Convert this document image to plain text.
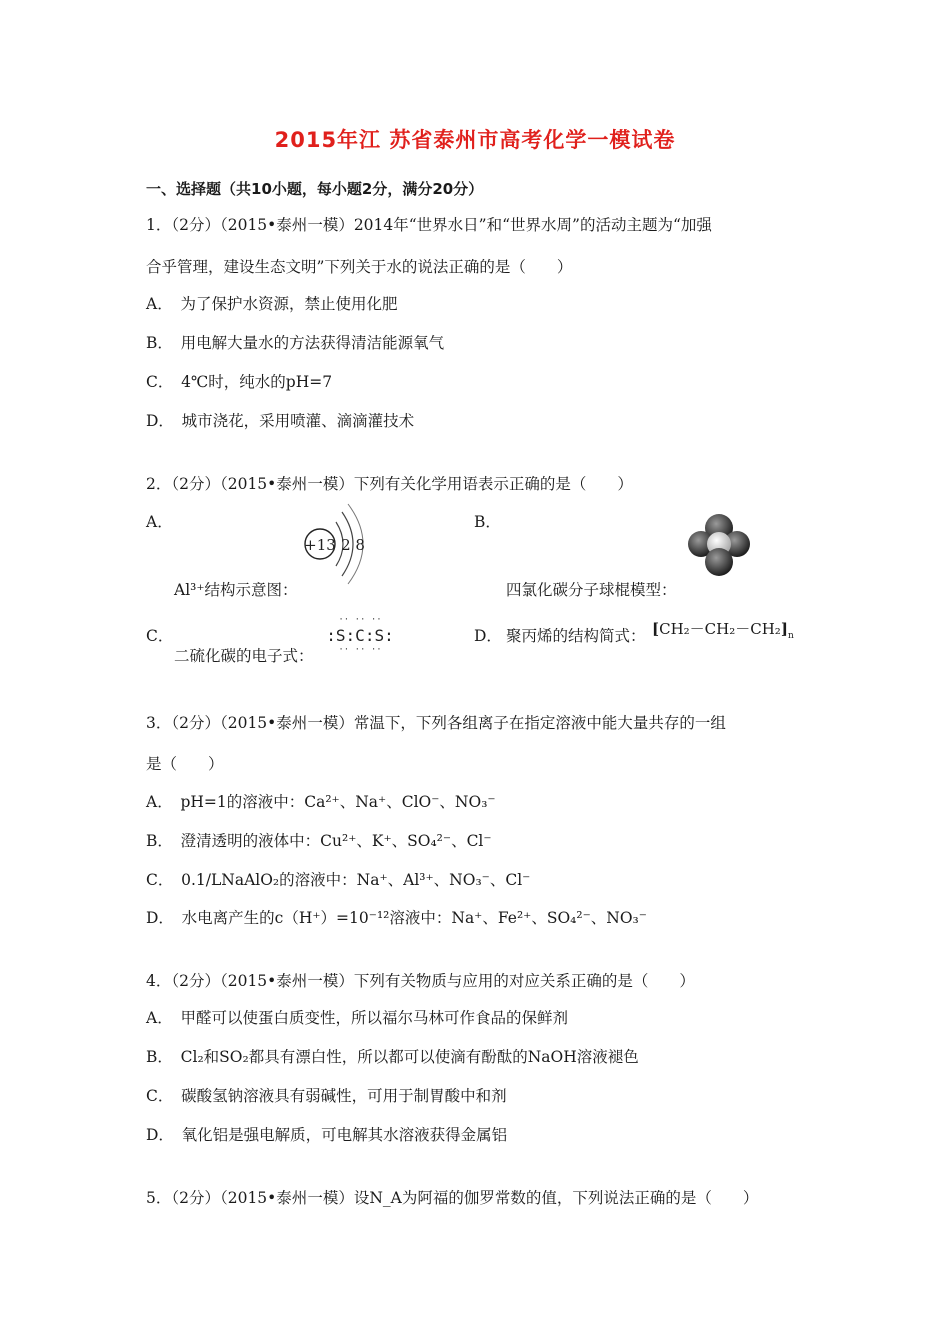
2015年江 苏省泰州市高考化学一模试卷
一、选择题（共10小题，每小题2分，满分20分）
1．（2分）（2015•泰州一模）2014年“世界水日”和“世界水周”的活动主题为“加强
合乎管理，建设生态文明”下列关于水的说法正确的是（　　）
A．　为了保护水资源，禁止使用化肥
B．　用电解大量水的方法获得清洁能源氧气
C．　4℃时，纯水的pH=7
D．　城市浇花，采用喷灌、滴滴灌技术
2．（2分）（2015•泰州一模）下列有关化学用语表示正确的是（　　）
A．
+13 2 8
Al³⁺结构示意图：
B．
四氯化碳分子球棍模型：
C．
二硫化碳的电子式：
:S:C:S:
·· ·· ··
·· ·· ··
D． 聚丙烯的结构简式： $[CH_2-CH_2-CH_2]_n$
3．（2分）（2015•泰州一模）常温下，下列各组离子在指定溶液中能大量共存的一组
是（　　）
A．　pH=1的溶液中：Ca²⁺、Na⁺、ClO⁻、NO₃⁻
B．　澄清透明的液体中：Cu²⁺、K⁺、SO₄²⁻、Cl⁻
C．　0.1/LNaAlO₂的溶液中：Na⁺、Al³⁺、NO₃⁻、Cl⁻
D．　水电离产生的c（H⁺）=10⁻¹²溶液中：Na⁺、Fe²⁺、SO₄²⁻、NO₃⁻
4．（2分）（2015•泰州一模）下列有关物质与应用的对应关系正确的是（　　）
A．　甲醛可以使蛋白质变性，所以福尔马林可作食品的保鲜剂
B．　Cl₂和SO₂都具有漂白性，所以都可以使滴有酚酞的NaOH溶液褪色
C．　碳酸氢钠溶液具有弱碱性，可用于制胃酸中和剂
D．　氧化铝是强电解质，可电解其水溶液获得金属铝
5．（2分）（2015•泰州一模）设N_A为阿福的伽罗常数的值，下列说法正确的是（　　）
